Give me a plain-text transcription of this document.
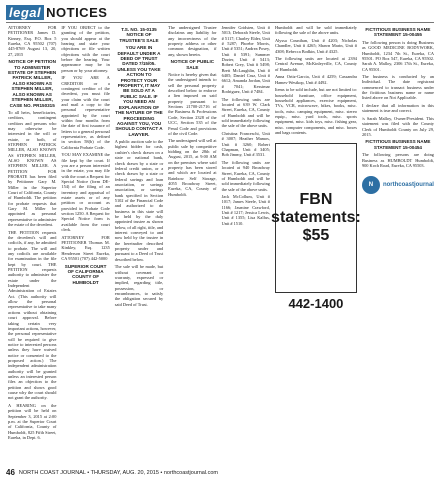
legal NOTICES

ATTORNEY FOR PETITIONER James D. Kinney, Esq. P.O. Box 5 Eureka, CA 95502 (707) 445-8769 August 13, 20, 27, 2015

NOTICE OF PETITION TO ADMINISTER ESTATE OF STEPHEN PATRICK MILLER, ALSO KNOWN AS STEPHEN MILLER, ALSO KNOWN AS STEPHEN MILLER, CASE NO. PR150315

To all heirs, beneficiaries, creditors, contingent creditors and persons who may otherwise be interested in the will or estate, or both, of STEPHEN PATRICK MILLER, ALSO KNOWN AS STEPHEN MILLER, ALSO KNOWN AS STEPHEN MILLER. A PETITION FOR PROBATE has been filed by Petitioner Gary M. Miller in the Superior Court of California, County of Humboldt. The petition for probate requests that Gary M. Miller be appointed as personal representative to administer the estate of the decedent.

THE PETITION requests the decedent's will and codicils, if any, be admitted to probate. The will and any codicils are available for examination in the file kept by court. THE PETITION requests authority to administer the estate under the Independent Administration of Estates Act. (This authority will allow the personal representative to take many actions without obtaining court approval. Before taking certain very important actions, however, the personal representative will be required to give notice to interested persons unless they have waived notice or consented to the proposed action.) The independent administration authority will be granted unless an interested person files an objection to the petition and shows good cause why the court should not grant the authority.

A HEARING on the petition will be held on September 3, 2015 at 2:00 p.m. at the Superior Court of California, County of Humboldt, 825 Fifth Street, Eureka, in Dept. 6.

IF YOU OBJECT to the granting of the petition, you should appear at the hearing and state your objections or file written objections with the court before the hearing. Your appearance may be in person or by your attorney.

IF YOU ARE A CREDITOR or a contingent creditor of the decedent, you must file your claim with the court and mail a copy to the personal representative appointed by the court within four months from the date of first issuance of letters to a general personal representative, as defined in section 58(b) of the California Probate Code.

YOU MAY EXAMINE the file kept by the court. If you are a person interested in the estate, you may file with the court a Request for Special Notice (form DE-154) of the filing of an inventory and appraisal of estate assets or of any petition or account as provided in Probate Code section 1250. A Request for Special Notice form is available from the court clerk.

ATTORNEY FOR PETITIONER Thomas M. Kinkley, Esq. 1235 Henderson Street Eureka, CA 95501 (707) 442-5000

SUPERIOR COURT OF CALIFORNIA COUNTY OF HUMBOLDT

T.S. NO. 15-0135 NOTICE OF TRUSTEE'S SALE

YOU ARE IN DEFAULT UNDER A DEED OF TRUST DATED 7/15/05. UNLESS YOU TAKE ACTION TO PROTECT YOUR PROPERTY, IT MAY BE SOLD AT A PUBLIC SALE. IF YOU NEED AN EXPLANATION OF THE NATURE OF THE PROCEEDING AGAINST YOU, YOU SHOULD CONTACT A LAWYER.

A public auction sale to the highest bidder for cash, cashier's check drawn on a state or national bank, check drawn by a state or federal credit union, or a check drawn by a state or federal savings and loan association, or savings association, or savings bank specified in Section 5102 of the Financial Code and authorized to do business in this state will be held by the duly appointed trustee as shown below, of all right, title, and interest conveyed to and now held by the trustee in the hereinafter described property under and pursuant to a Deed of Trust described below.

The sale will be made, but without covenant or warranty, expressed or implied, regarding title, possession, or encumbrances, to satisfy the obligation secured by said Deed of Trust.

The undersigned Trustee disclaims any liability for any incorrectness of the property address or other common designation, if any, shown herein.

NOTICE OF PUBLIC SALE

Notice is hereby given that the undersigned intends to sell the personal property described below to enforce a lien imposed on said property pursuant to Sections 21700-21716 of the Business & Professions Code, Section 2328 of the UCC, Section 535 of the Penal Code and provisions of the civil Code.

The undersigned will sell at public sale by competitive bidding on the 28th of August, 2015, at 9:00 AM on the premises where said property has been stored and which are located at Rainbow Self Storage, 4055 Broadway Street, Eureka, CA, County of Humboldt.

Jennifer Gridsten, Unit # 5013; Deborah Steele, Unit # 5117; Charley Elder, Unit # 5287; Phoebe Morris, Unit # 5351; Andrea Posey, Unit # 5391; Summer Dozier, Unit # 5413; Robert Grey, Unit # 5498; Brett McLaughlin, Unit # 6405; Daniel Cruz, Unit # 6612; Amanda Jordan, Unit # 7041; Kessimar Rodriguez, Unit # 7484.

The following units are located at 639 W. Clark Street, Eureka, CA, County of Humboldt and will be sold immediately following the sale of the above units.

Christina Franceschi, Unit # 3007; Heather Mamos, Unit # 3260; Robert Chapman, Unit # 3405; Bob Jimmy, Unit # 3531.

The following units are located at 940 Broadway Street, Eureka, CA, County of Humboldt and will be sold immediately following the sale of the above units.

Jack McCollum, Unit # 1017; James Steele, Unit # 1166; Jasmine Crawford, Unit # 1217; Jessica Lewis, Unit # 1355; Lisa Kalfus, Unit # 1510.

Humboldt and will be sold immediately following the sale of the above units.

Alyssa Counihan, Unit # 4203; Nicholas Chandler, Unit # 4265; Shawn Marin, Unit # 4308; Rebecca Bodkin, Unit # 4325.

The following units are located at 2394 Central Avenue, McKinleyville, CA, County of Humboldt.

Anna Ortiz-Garcia, Unit # 4259; Cassandra Hames-Westkop, Unit # 4492.

Items to be sold include, but are not limited to: household furniture, office equipment, household appliances, exercise equipment, TVs, VCR, microwave, bikes, books, misc. tools, misc. camping equipment, misc. stereo equip., misc. yard tools, misc. sports equipment, misc. kids toys, misc. fishing gear, misc. computer components, and misc. boxes and bags contents.

FBN
statements:
$55
442-1400

FICTITIOUS BUSINESS NAME STATEMENT 15-00455

The following person is doing Business as GOOD MEDICINE BODYWORK, Humboldt, 1234 7th St., Eureka, CA 95501. PO Box 547, Eureka, CA 95502. Sarah A. Malloy, 2306 17th St., Eureka, CA 95501.

The business is conducted by an Individual. The date registrant commenced to transact business under the fictitious business name or name listed above on Not Applicable.

I declare that all information in this statement is true and correct.

/s Sarah Malloy, Owner/President. This statement was filed with the County Clerk of Humboldt County on July 29, 2015.

FICTITIOUS BUSINESS NAME STATEMENT 15-00454

The following persons are doing Business as HUMBOLDT Humboldt, 900 Koch Road, Eureka, CA 95503.

N	northcoastjournal
46 NORTH COAST JOURNAL • THURSDAY, AUG. 20, 2015 • northcoastjournal.com
